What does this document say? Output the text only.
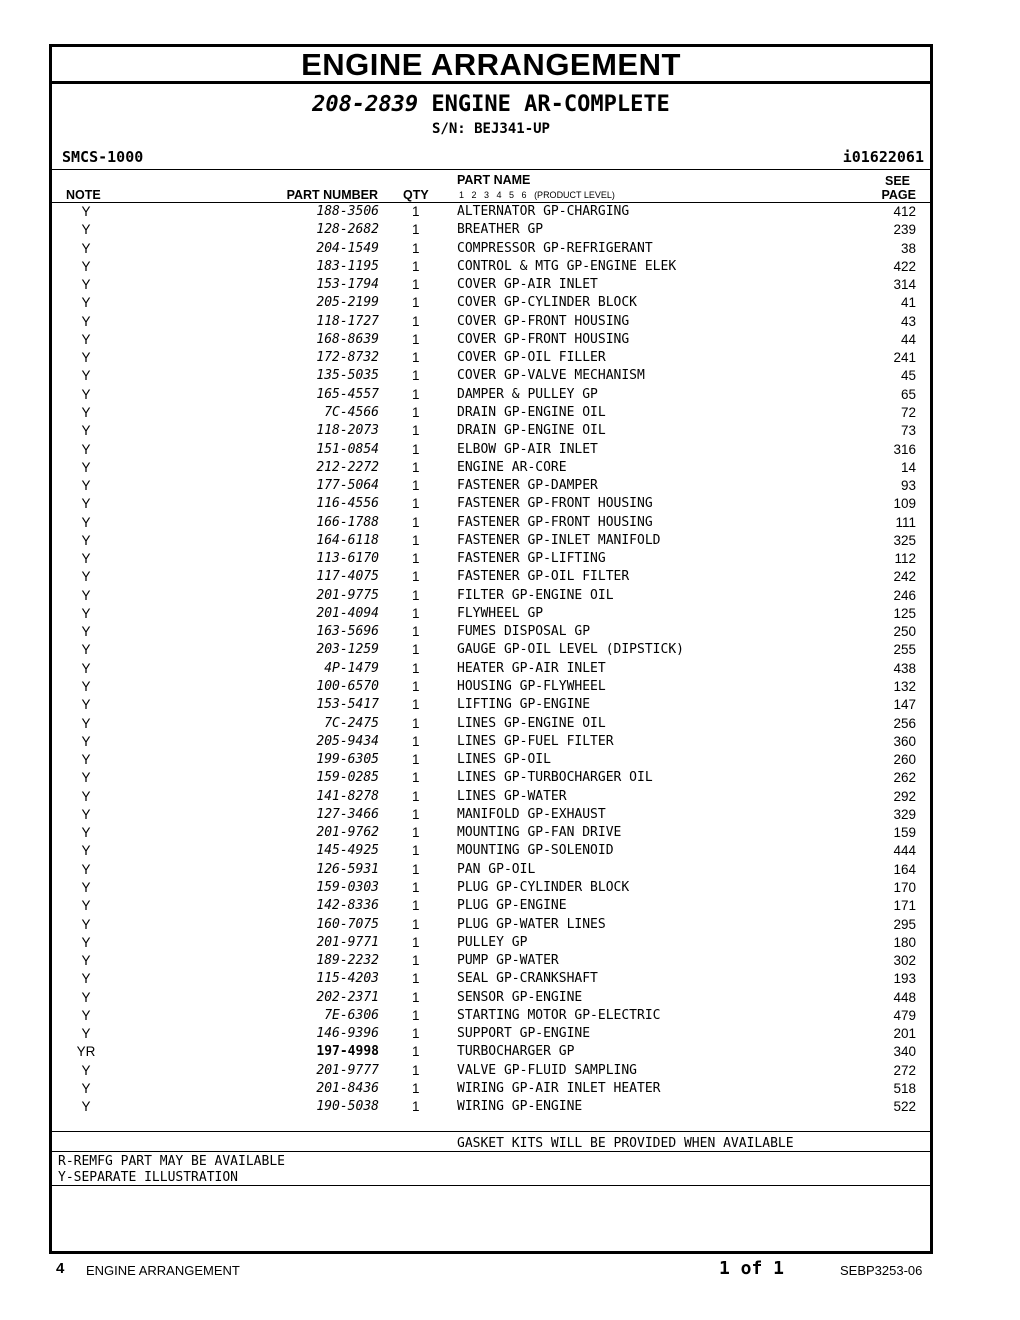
ENGINE ARRANGEMENT
208-2839 ENGINE AR-COMPLETE
S/N: BEJ341-UP
SMCS-1000	i01622061
PART NAME	SEE
NOTE	PART NUMBER QTY	1 2 3 4 5 6 (PRODUCT LEVEL)	PAGE
Y	188-3506 1	ALTERNATOR GP-CHARGING	412
Y	128-2682 1	BREATHER GP	239
Y	204-1549 1	COMPRESSOR GP-REFRIGERANT	38
Y	183-1195 1	CONTROL & MTG GP-ENGINE ELEK	422
Y	153-1794 1	COVER GP-AIR INLET	314
Y	205-2199 1	COVER GP-CYLINDER BLOCK	41
Y	118-1727 1	COVER GP-FRONT HOUSING	43
Y	168-8639 1	COVER GP-FRONT HOUSING	44
Y	172-8732 1	COVER GP-OIL FILLER	241
Y	135-5035 1	COVER GP-VALVE MECHANISM	45
Y	165-4557 1	DAMPER & PULLEY GP	65
Y	7C-4566 1	DRAIN GP-ENGINE OIL	72
Y	118-2073 1	DRAIN GP-ENGINE OIL	73
Y	151-0854 1	ELBOW GP-AIR INLET	316
Y	212-2272 1	ENGINE AR-CORE	14
Y	177-5064 1	FASTENER GP-DAMPER	93
Y	116-4556 1	FASTENER GP-FRONT HOUSING	109
Y	166-1788 1	FASTENER GP-FRONT HOUSING	111
Y	164-6118 1	FASTENER GP-INLET MANIFOLD	325
Y	113-6170 1	FASTENER GP-LIFTING	112
Y	117-4075 1	FASTENER GP-OIL FILTER	242
Y	201-9775 1	FILTER GP-ENGINE OIL	246
Y	201-4094 1	FLYWHEEL GP	125
Y	163-5696 1	FUMES DISPOSAL GP	250
Y	203-1259 1	GAUGE GP-OIL LEVEL (DIPSTICK)	255
Y	4P-1479 1	HEATER GP-AIR INLET	438
Y	100-6570 1	HOUSING GP-FLYWHEEL	132
Y	153-5417 1	LIFTING GP-ENGINE	147
Y	7C-2475 1	LINES GP-ENGINE OIL	256
Y	205-9434 1	LINES GP-FUEL FILTER	360
Y	199-6305 1	LINES GP-OIL	260
Y	159-0285 1	LINES GP-TURBOCHARGER OIL	262
Y	141-8278 1	LINES GP-WATER	292
Y	127-3466 1	MANIFOLD GP-EXHAUST	329
Y	201-9762 1	MOUNTING GP-FAN DRIVE	159
Y	145-4925 1	MOUNTING GP-SOLENOID	444
Y	126-5931 1	PAN GP-OIL	164
Y	159-0303 1	PLUG GP-CYLINDER BLOCK	170
Y	142-8336 1	PLUG GP-ENGINE	171
Y	160-7075 1	PLUG GP-WATER LINES	295
Y	201-9771 1	PULLEY GP	180
Y	189-2232 1	PUMP GP-WATER	302
Y	115-4203 1	SEAL GP-CRANKSHAFT	193
Y	202-2371 1	SENSOR GP-ENGINE	448
Y	7E-6306 1	STARTING MOTOR GP-ELECTRIC	479
Y	146-9396 1	SUPPORT GP-ENGINE	201
YR	197-4998 1	TURBOCHARGER GP	340
Y	201-9777 1	VALVE GP-FLUID SAMPLING	272
Y	201-8436 1	WIRING GP-AIR INLET HEATER	518
Y	190-5038 1	WIRING GP-ENGINE	522
GASKET KITS WILL BE PROVIDED WHEN AVAILABLE
R-REMFG PART MAY BE AVAILABLE
Y-SEPARATE ILLUSTRATION
4 ENGINE ARRANGEMENT	1 of 1	SEBP3253-06
